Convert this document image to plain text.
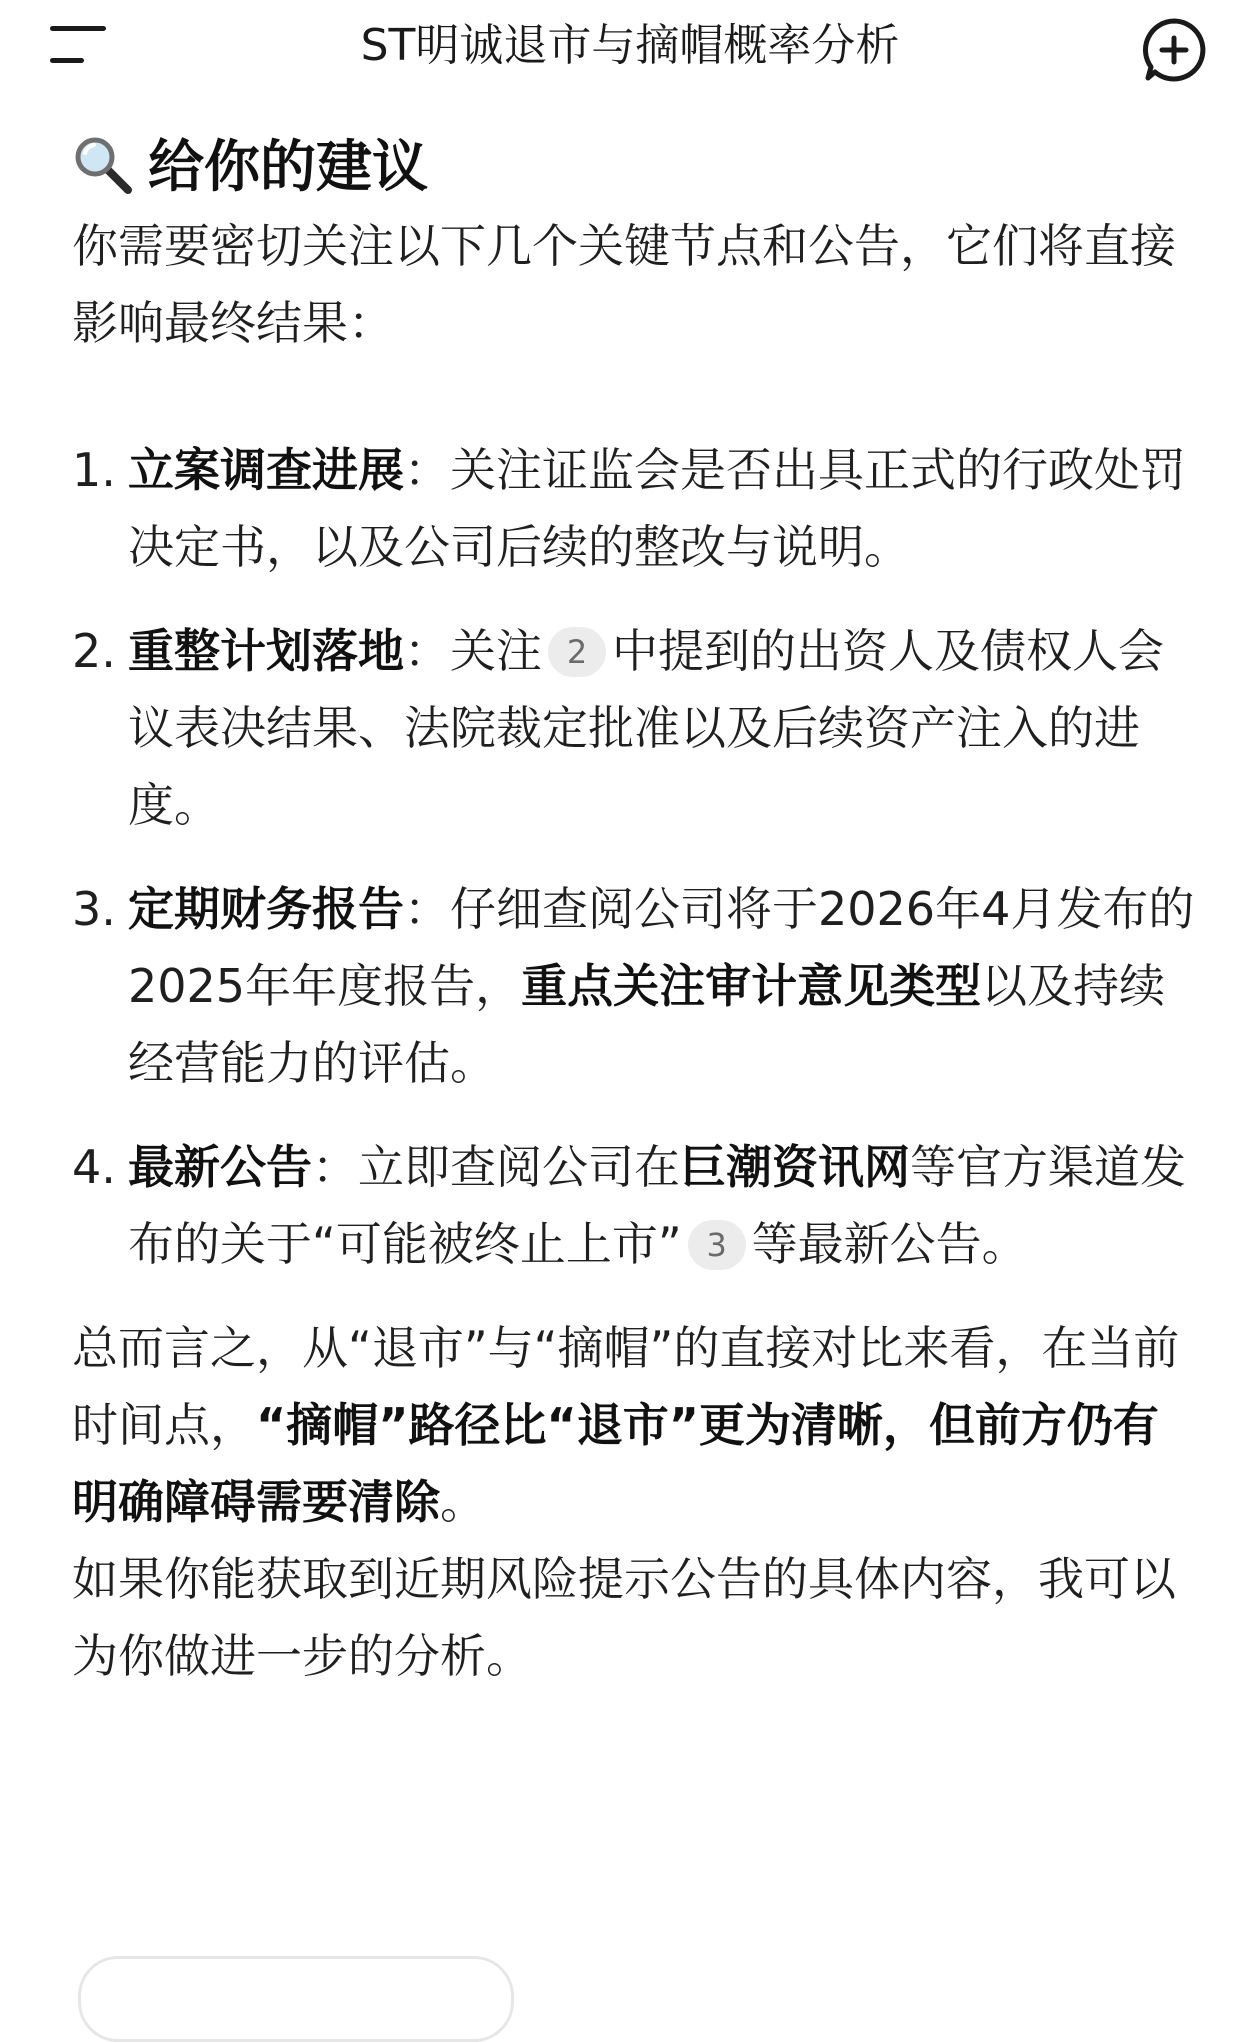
ST明诚退市与摘帽概率分析
给你的建议

你需要密切关注以下几个关键节点和公告，它们将直接影响最终结果：

1. 立案调查进展：关注证监会是否出具正式的行政处罚决定书，以及公司后续的整改与说明。
2. 重整计划落地：关注 2 中提到的出资人及债权人会议表决结果、法院裁定批准以及后续资产注入的进度。
3. 定期财务报告：仔细查阅公司将于2026年4月发布的2025年年度报告，重点关注审计意见类型以及持续经营能力的评估。
4. 最新公告：立即查阅公司在巨潮资讯网等官方渠道发布的关于“可能被终止上市” 3 等最新公告。

总而言之，从“退市”与“摘帽”的直接对比来看，在当前时间点，“摘帽”路径比“退市”更为清晰，但前方仍有明确障碍需要清除。

如果你能获取到近期风险提示公告的具体内容，我可以为你做进一步的分析。
